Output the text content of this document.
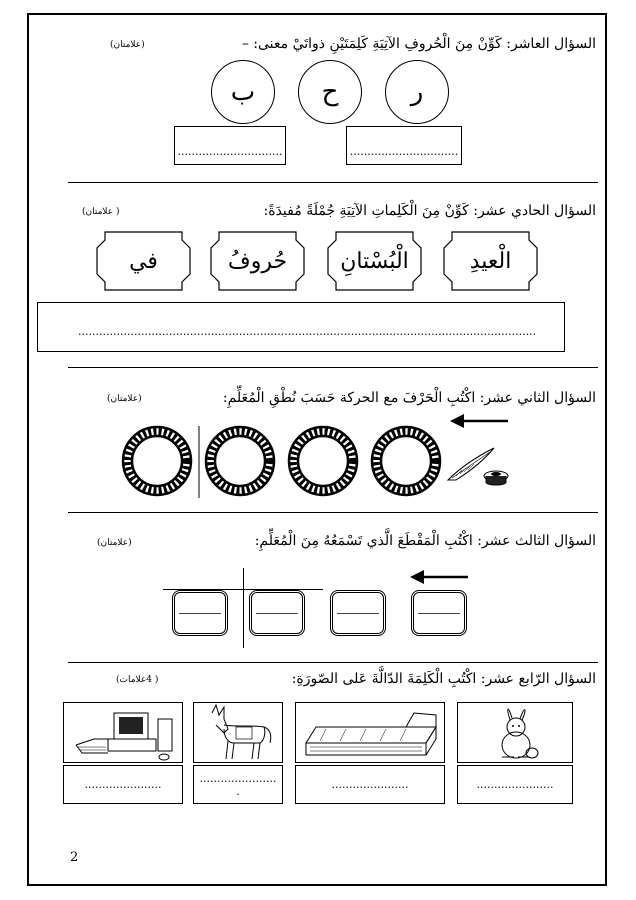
السؤال العاشر: كَوِّنْ مِنَ الْحُروفِ الآتِيَةِ كَلِمَتَيْنِ ذواتَيْ معنى: –
(علامتان)
ر
ح
ب
...............................
..............................
السؤال الحادي عشر: كَوِّنْ مِنَ الْكَلِماتِ الآتِيَةِ جُمْلَةً مُفيدَةً:
( علامتان)
الْعيدِ
الْبُسْتانِ
حُروفُ
في
...................................................................................................................................
السؤال الثاني عشر: اكْتُبِ الْحَرْفَ مع الحركة حَسَبَ نُطْقِ الْمُعَلِّمِ:
(علامتان)
السؤال الثالث عشر: اكْتُبِ الْمَقْطَعَ الَّذي تَسْمَعُهُ مِنَ الْمُعَلِّمِ:
(علامتان)
السؤال الرّابع عشر: اكْتُبِ الْكَلِمَةَ الدّالَّةَ عَلى الصّورَةِ:
( 4علامات)
......................
......................
......................
.
......................
2
